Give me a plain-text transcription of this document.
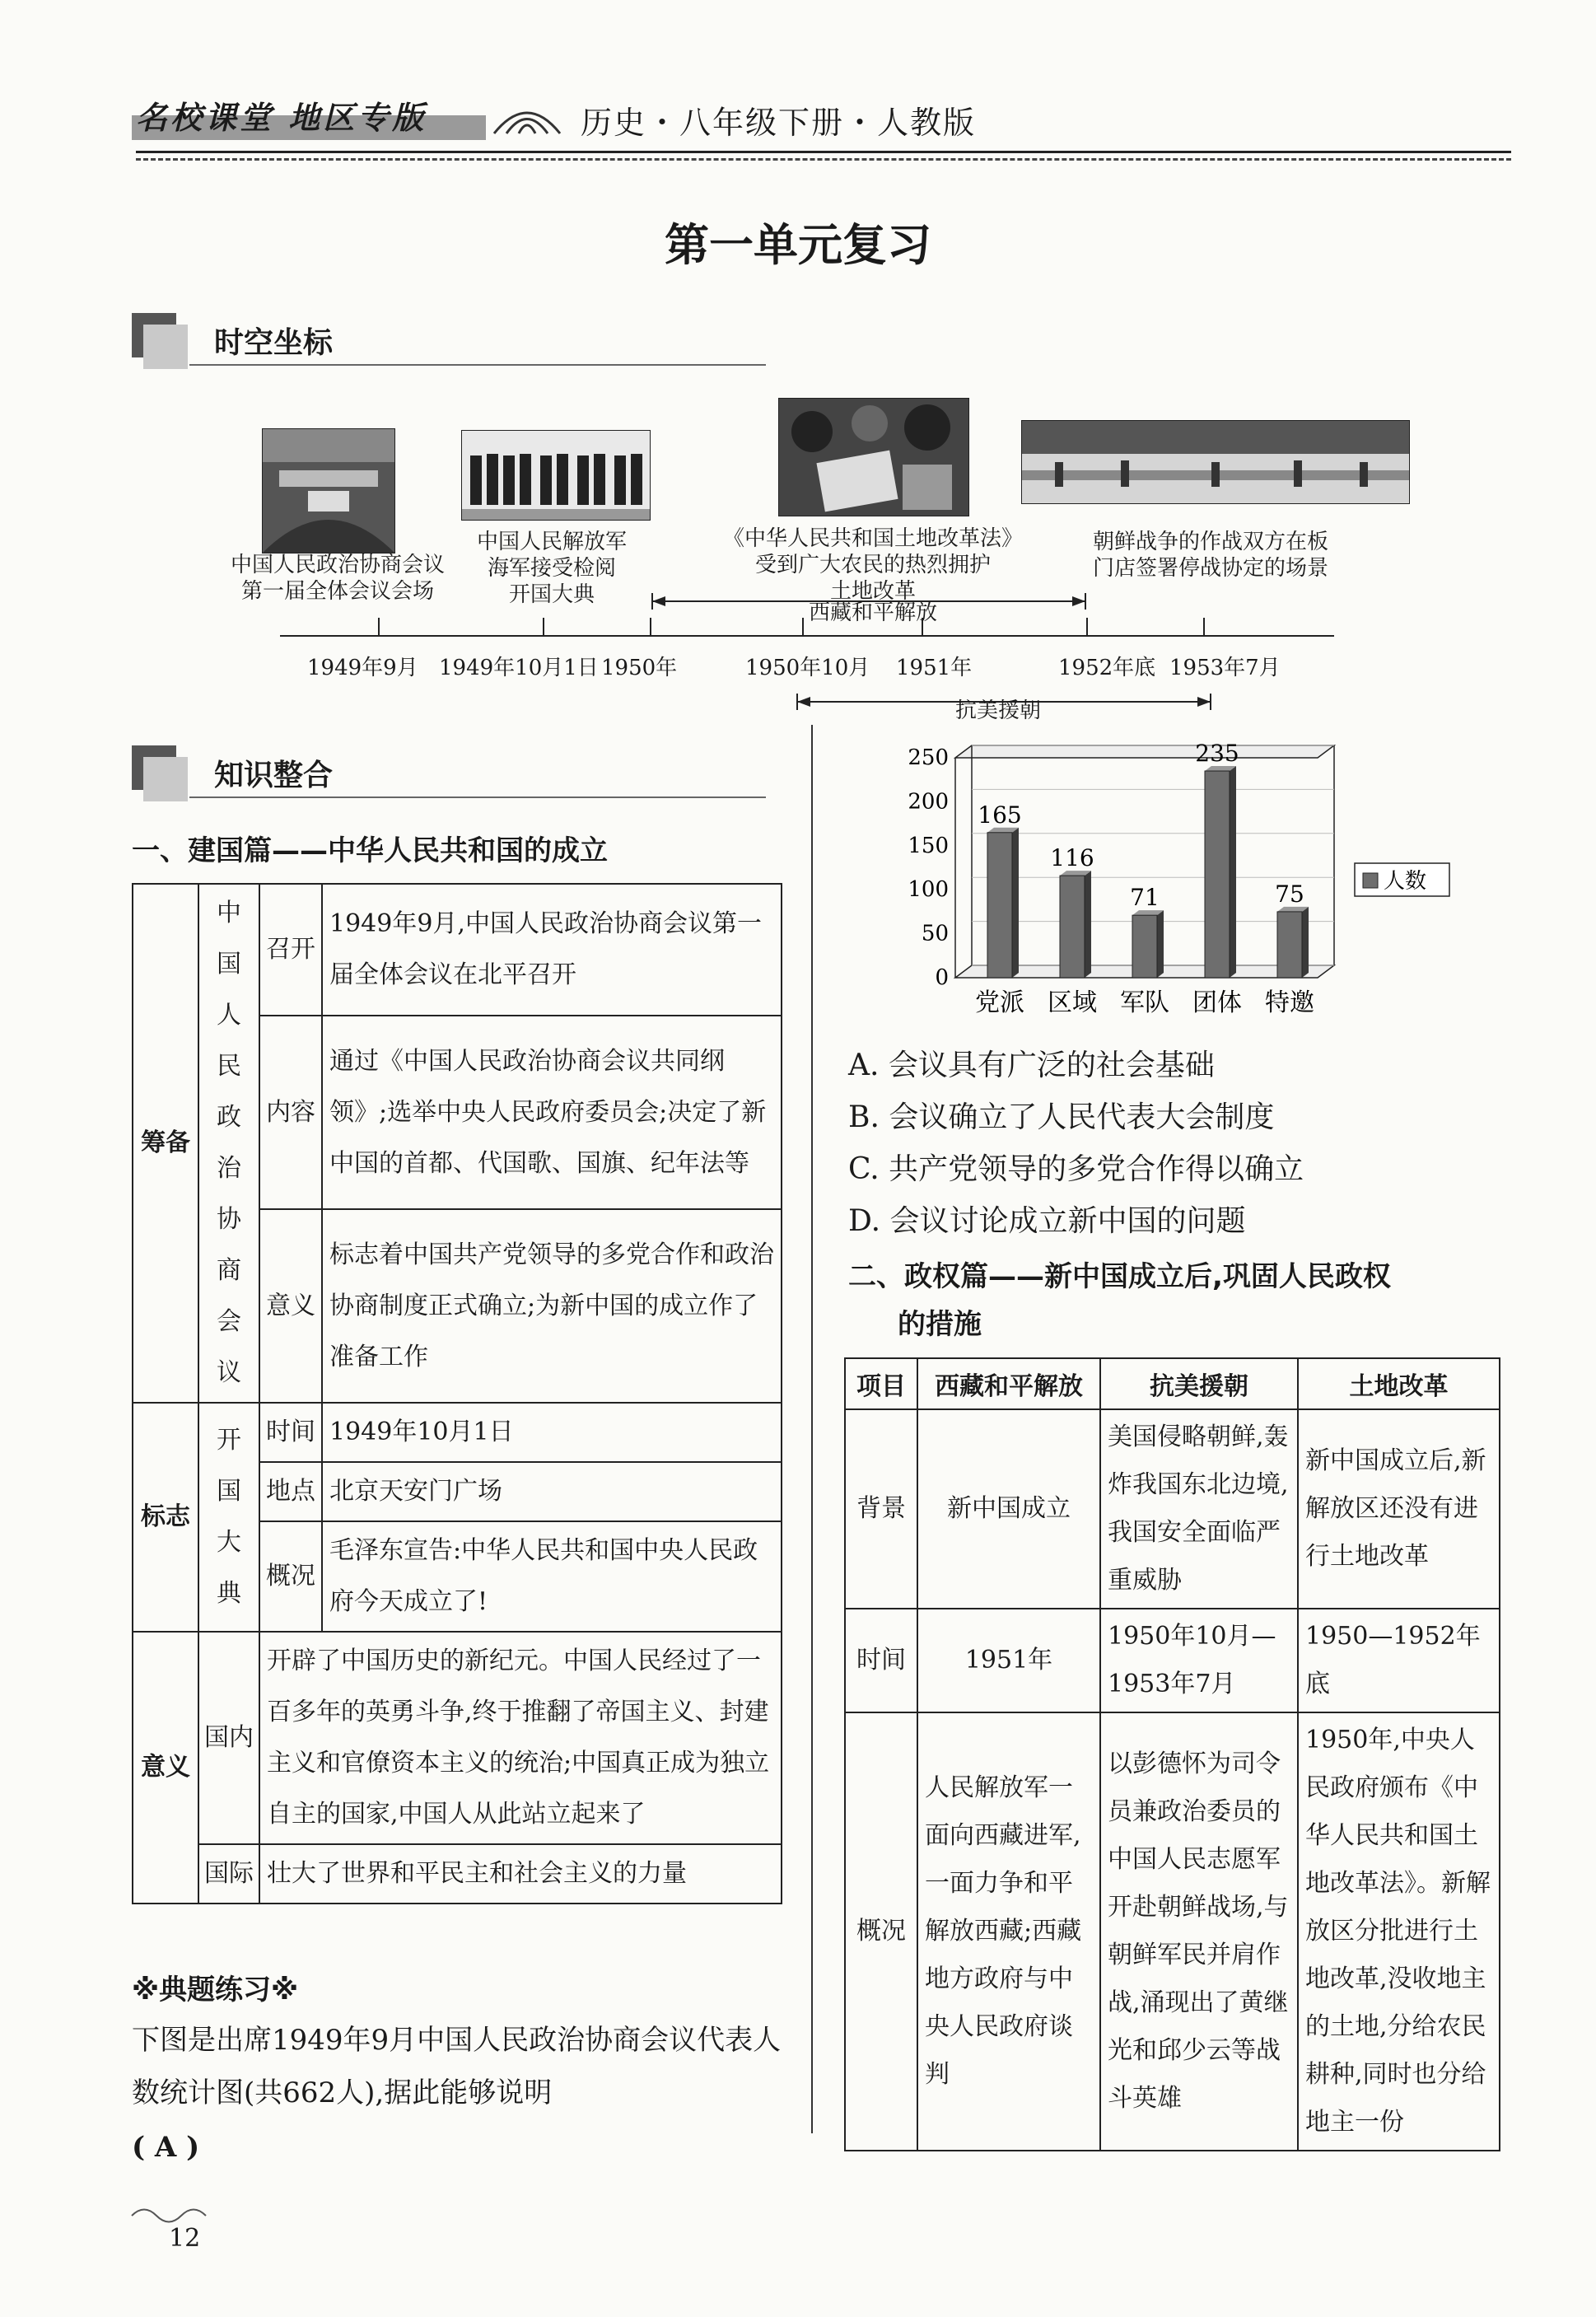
名校课堂 地区专版	历史・八年级下册・人教版
第一单元复习
时空坐标
中国人民政治协商会议
第一届全体会议会场
中国人民解放军
海军接受检阅
开国大典
《中华人民共和国土地改革法》
受到广大农民的热烈拥护
土地改革
朝鲜战争的作战双方在板
门店签署停战协定的场景
西藏和平解放
1949年9月 1949年10月1日 1950年	1950年10月 1951年	1952年底 1953年7月
抗美援朝
知识整合
一、建国篇——中华人民共和国的成立
筹备	中国人民政治协商会议	召开	1949年9月,中国人民政治协商会议第一届全体会议在北平召开
		内容	通过《中国人民政治协商会议共同纲领》;选举中央人民政府委员会;决定了新中国的首都、代国歌、国旗、纪年法等
		意义	标志着中国共产党领导的多党合作和政治协商制度正式确立;为新中国的成立作了准备工作
标志	开国大典	时间	1949年10月1日
		地点	北京天安门广场
		概况	毛泽东宣告:中华人民共和国中央人民政府今天成立了!
意义	国内	开辟了中国历史的新纪元。中国人民经过了一百多年的英勇斗争,终于推翻了帝国主义、封建主义和官僚资本主义的统治;中国真正成为独立自主的国家,中国人从此站立起来了	
	国际	壮大了世界和平民主和社会主义的力量	
※典题练习※
下图是出席1949年9月中国人民政治协商会议代表人数统计图(共662人),据此能够说明
( A )
0
50
100
150
200
250
165
116
71
235
75
党派 区域 军队 团体 特邀
人数
A. 会议具有广泛的社会基础
B. 会议确立了人民代表大会制度
C. 共产党领导的多党合作得以确立
D. 会议讨论成立新中国的问题
二、政权篇——新中国成立后,巩固人民政权
的措施
项目	西藏和平解放	抗美援朝	土地改革
背景	新中国成立	美国侵略朝鲜,轰炸我国东北边境,我国安全面临严重威胁	新中国成立后,新解放区还没有进行土地改革
时间	1951年	1950年10月—1953年7月	1950—1952年底
概况	人民解放军一面向西藏进军,一面力争和平解放西藏;西藏地方政府与中央人民政府谈判	以彭德怀为司令员兼政治委员的中国人民志愿军开赴朝鲜战场,与朝鲜军民并肩作战,涌现出了黄继光和邱少云等战斗英雄	1950年,中央人民政府颁布《中华人民共和国土地改革法》。新解放区分批进行土地改革,没收地主的土地,分给农民耕种,同时也分给地主一份
12
